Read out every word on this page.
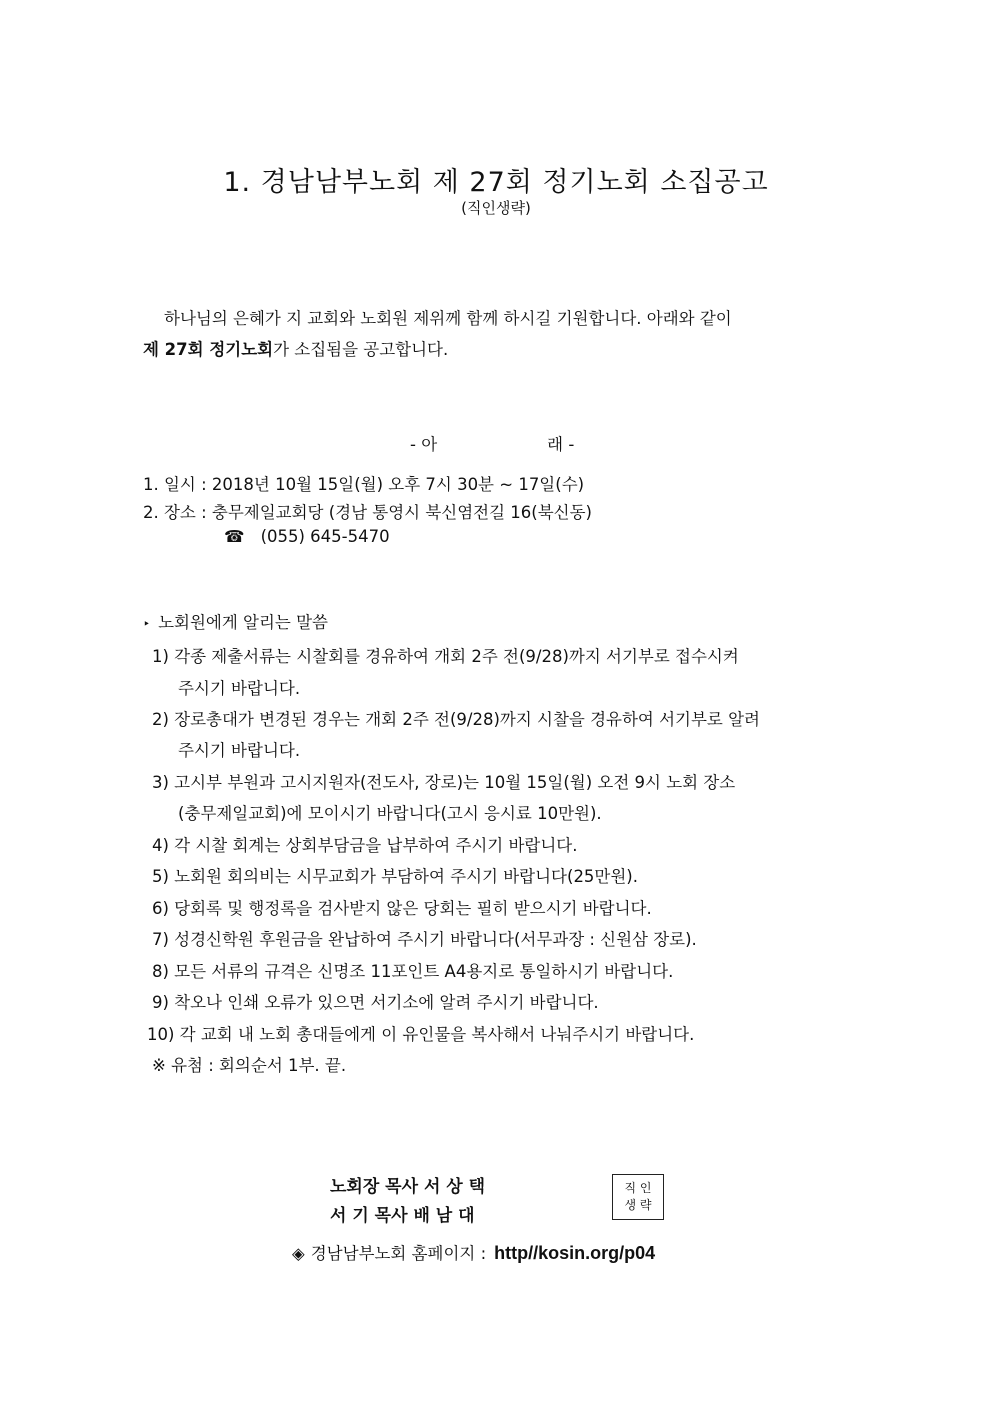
1. 경남남부노회 제 27회 정기노회 소집공고
(직인생략)
하나님의 은혜가 지 교회와 노회원 제위께 함께 하시길 기원합니다. 아래와 같이
제 27회 정기노회가 소집됨을 공고합니다.
- 아	래 -
1. 일시 : 2018년 10월 15일(월) 오후 7시 30분 ~ 17일(수)
2. 장소 : 충무제일교회당 (경남 통영시 북신염전길 16(북신동)
☎ (055) 645-5470
‣ 노회원에게 알리는 말씀
1) 각종 제출서류는 시찰회를 경유하여 개회 2주 전(9/28)까지 서기부로 접수시켜
주시기 바랍니다.
2) 장로총대가 변경된 경우는 개회 2주 전(9/28)까지 시찰을 경유하여 서기부로 알려
주시기 바랍니다.
3) 고시부 부원과 고시지원자(전도사, 장로)는 10월 15일(월) 오전 9시 노회 장소
(충무제일교회)에 모이시기 바랍니다(고시 응시료 10만원).
4) 각 시찰 회계는 상회부담금을 납부하여 주시기 바랍니다.
5) 노회원 회의비는 시무교회가 부담하여 주시기 바랍니다(25만원).
6) 당회록 및 행정록을 검사받지 않은 당회는 필히 받으시기 바랍니다.
7) 성경신학원 후원금을 완납하여 주시기 바랍니다(서무과장 : 신원삼 장로).
8) 모든 서류의 규격은 신명조 11포인트 A4용지로 통일하시기 바랍니다.
9) 착오나 인쇄 오류가 있으면 서기소에 알려 주시기 바랍니다.
10) 각 교회 내 노회 총대들에게 이 유인물을 복사해서 나눠주시기 바랍니다.
※ 유첨 : 회의순서 1부. 끝.
노회장 목사 서 상 택
서 기 목사 배 남 대
직 인
생 략
◈ 경남남부노회 홈페이지 : http//kosin.org/p04
